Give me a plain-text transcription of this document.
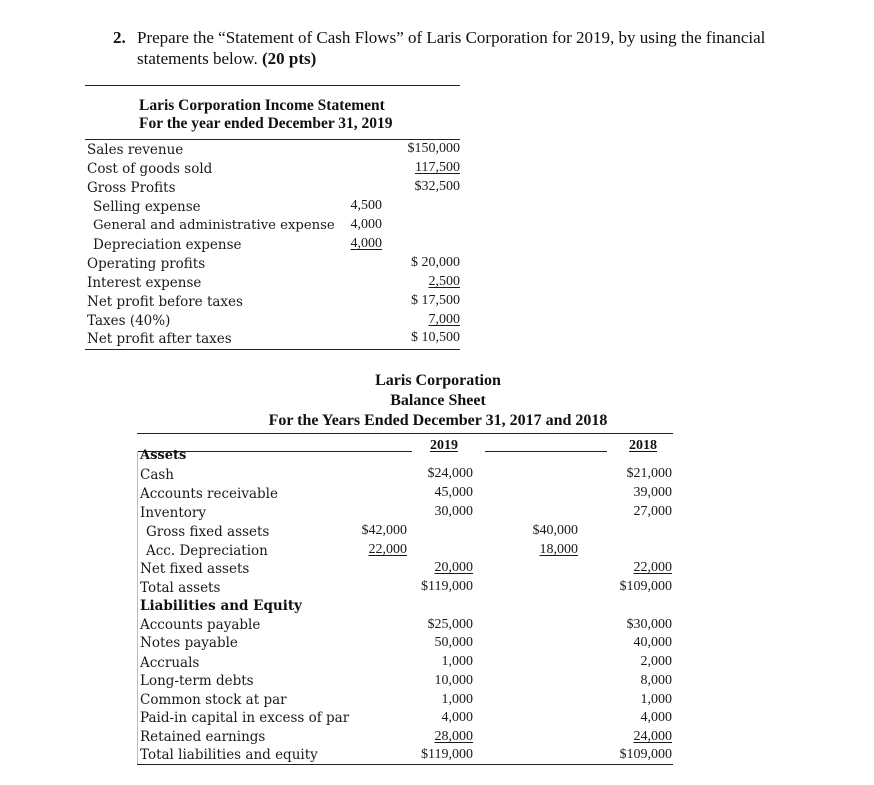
2. Prepare the “Statement of Cash Flows” of Laris Corporation for 2019, by using the financial
statements below. (20 pts)
Laris Corporation Income Statement
For the year ended December 31, 2019
Sales revenue	$150,000
Cost of goods sold	117,500
Gross Profits	$32,500
Selling expense	4,500
General and administrative expense	4,000
Depreciation expense	4,000
Operating profits	$ 20,000
Interest expense	2,500
Net profit before taxes	$ 17,500
Taxes (40%)	7,000
Net profit after taxes	$ 10,500
Laris Corporation
Balance Sheet
For the Years Ended December 31, 2017 and 2018
2019	2018
Assets
Cash	$24,000	$21,000
Accounts receivable	45,000	39,000
Inventory	30,000	27,000
Gross fixed assets	$42,000	$40,000
Acc. Depreciation	22,000	18,000
Net fixed assets	20,000	22,000
Total assets	$119,000	$109,000
Liabilities and Equity
Accounts payable	$25,000	$30,000
Notes payable	50,000	40,000
Accruals	1,000	2,000
Long-term debts	10,000	8,000
Common stock at par	1,000	1,000
Paid-in capital in excess of par	4,000	4,000
Retained earnings	28,000	24,000
Total liabilities and equity	$119,000	$109,000
